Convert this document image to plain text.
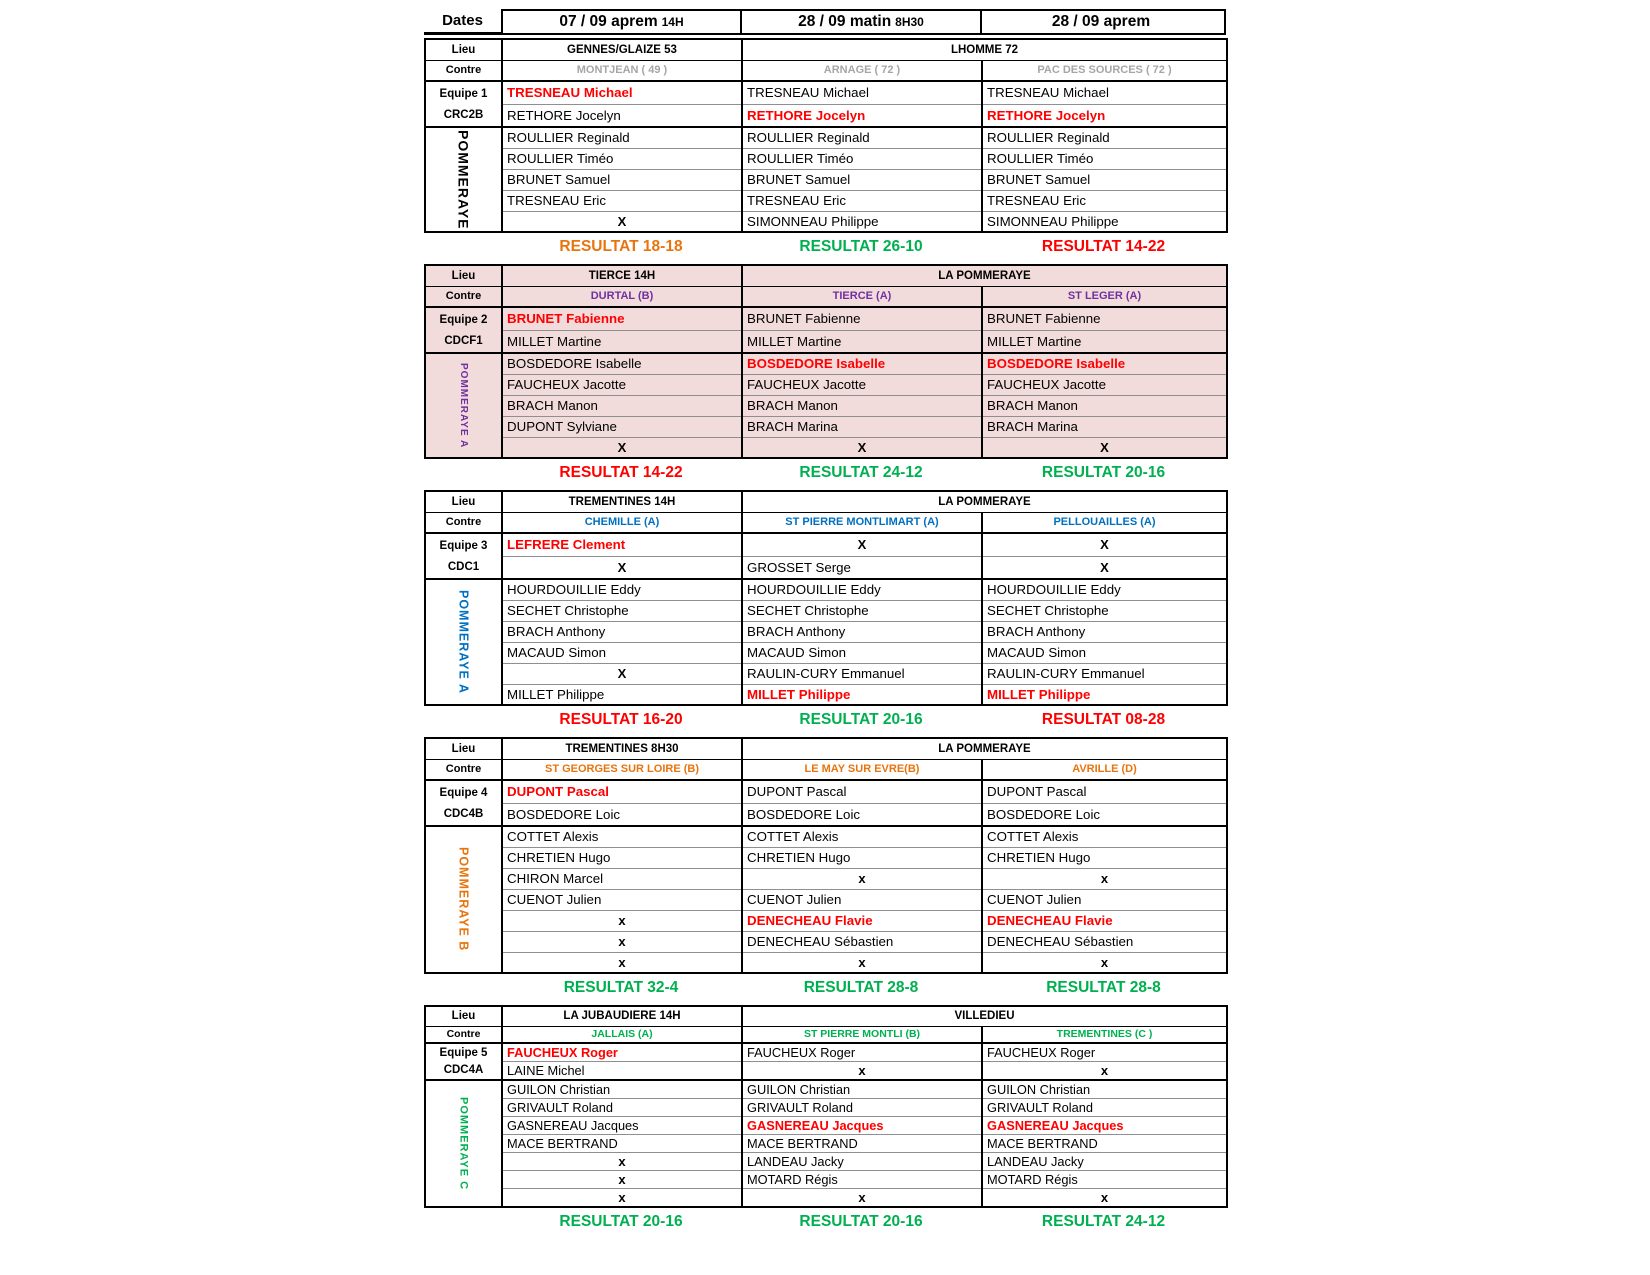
Dates	07 / 09 aprem 14H	28 / 09 matin 8H30	28 / 09 aprem
Lieu	GENNES/GLAIZE 53	LHOMME 72	
Contre	MONTJEAN ( 49 )	ARNAGE ( 72 )	PAC DES SOURCES ( 72 )

Equipe 1
CRC2B	TRESNEAU Michael	TRESNEAU Michael	TRESNEAU Michael
	RETHORE Jocelyn	RETHORE Jocelyn	RETHORE Jocelyn

POMMERAYE	ROULLIER Reginald	ROULLIER Reginald	ROULLIER Reginald
	ROULLIER Timéo	ROULLIER Timéo	ROULLIER Timéo
	BRUNET Samuel	BRUNET Samuel	BRUNET Samuel
	TRESNEAU Eric	TRESNEAU Eric	TRESNEAU Eric
	X	SIMONNEAU Philippe	SIMONNEAU Philippe
RESULTAT 18-18	RESULTAT 26-10	RESULTAT 14-22
Lieu	TIERCE 14H	LA POMMERAYE	
Contre	DURTAL (B)	TIERCE (A)	ST LEGER (A)

Equipe 2
CDCF1	BRUNET Fabienne	BRUNET Fabienne	BRUNET Fabienne
	MILLET Martine	MILLET Martine	MILLET Martine

POMMERAYE A	BOSDEDORE Isabelle	BOSDEDORE Isabelle	BOSDEDORE Isabelle
	FAUCHEUX Jacotte	FAUCHEUX Jacotte	FAUCHEUX Jacotte
	BRACH Manon	BRACH Manon	BRACH Manon
	DUPONT Sylviane	BRACH Marina	BRACH Marina
	X	X	X
RESULTAT 14-22	RESULTAT 24-12	RESULTAT 20-16
Lieu	TREMENTINES 14H	LA POMMERAYE	
Contre	CHEMILLE (A)	ST PIERRE MONTLIMART (A)	PELLOUAILLES (A)

Equipe 3
CDC1	LEFRERE Clement	X	X
	X	GROSSET Serge	X

POMMERAYE A	HOURDOUILLIE Eddy	HOURDOUILLIE Eddy	HOURDOUILLIE Eddy
	SECHET Christophe	SECHET Christophe	SECHET Christophe
	BRACH Anthony	BRACH Anthony	BRACH Anthony
	MACAUD Simon	MACAUD Simon	MACAUD Simon
	X	RAULIN-CURY Emmanuel	RAULIN-CURY Emmanuel
	MILLET Philippe	MILLET Philippe	MILLET Philippe
RESULTAT 16-20	RESULTAT 20-16	RESULTAT 08-28
Lieu	TREMENTINES 8H30	LA POMMERAYE	
Contre	ST GEORGES SUR LOIRE (B)	LE MAY SUR EVRE(B)	AVRILLE (D)

Equipe 4
CDC4B	DUPONT Pascal	DUPONT Pascal	DUPONT Pascal
	BOSDEDORE Loic	BOSDEDORE Loic	BOSDEDORE Loic

POMMERAYE B	COTTET Alexis	COTTET Alexis	COTTET Alexis
	CHRETIEN Hugo	CHRETIEN Hugo	CHRETIEN Hugo
	CHIRON Marcel	x	x
	CUENOT Julien	CUENOT Julien	CUENOT Julien
	x	DENECHEAU Flavie	DENECHEAU Flavie
	x	DENECHEAU Sébastien	DENECHEAU Sébastien
	x	x	x
RESULTAT 32-4	RESULTAT 28-8	RESULTAT 28-8
Lieu	LA JUBAUDIERE 14H	VILLEDIEU	
Contre	JALLAIS (A)	ST PIERRE MONTLI (B)	TREMENTINES (C )

Equipe 5
CDC4A	FAUCHEUX Roger	FAUCHEUX Roger	FAUCHEUX Roger
	LAINE Michel	x	x

POMMERAYE C	GUILON Christian	GUILON Christian	GUILON Christian
	GRIVAULT Roland	GRIVAULT Roland	GRIVAULT Roland
	GASNEREAU Jacques	GASNEREAU Jacques	GASNEREAU Jacques
	MACE BERTRAND	MACE BERTRAND	MACE BERTRAND
	x	LANDEAU Jacky	LANDEAU Jacky
	x	MOTARD Régis	MOTARD Régis
	x	x	x
RESULTAT 20-16	RESULTAT 20-16	RESULTAT 24-12
